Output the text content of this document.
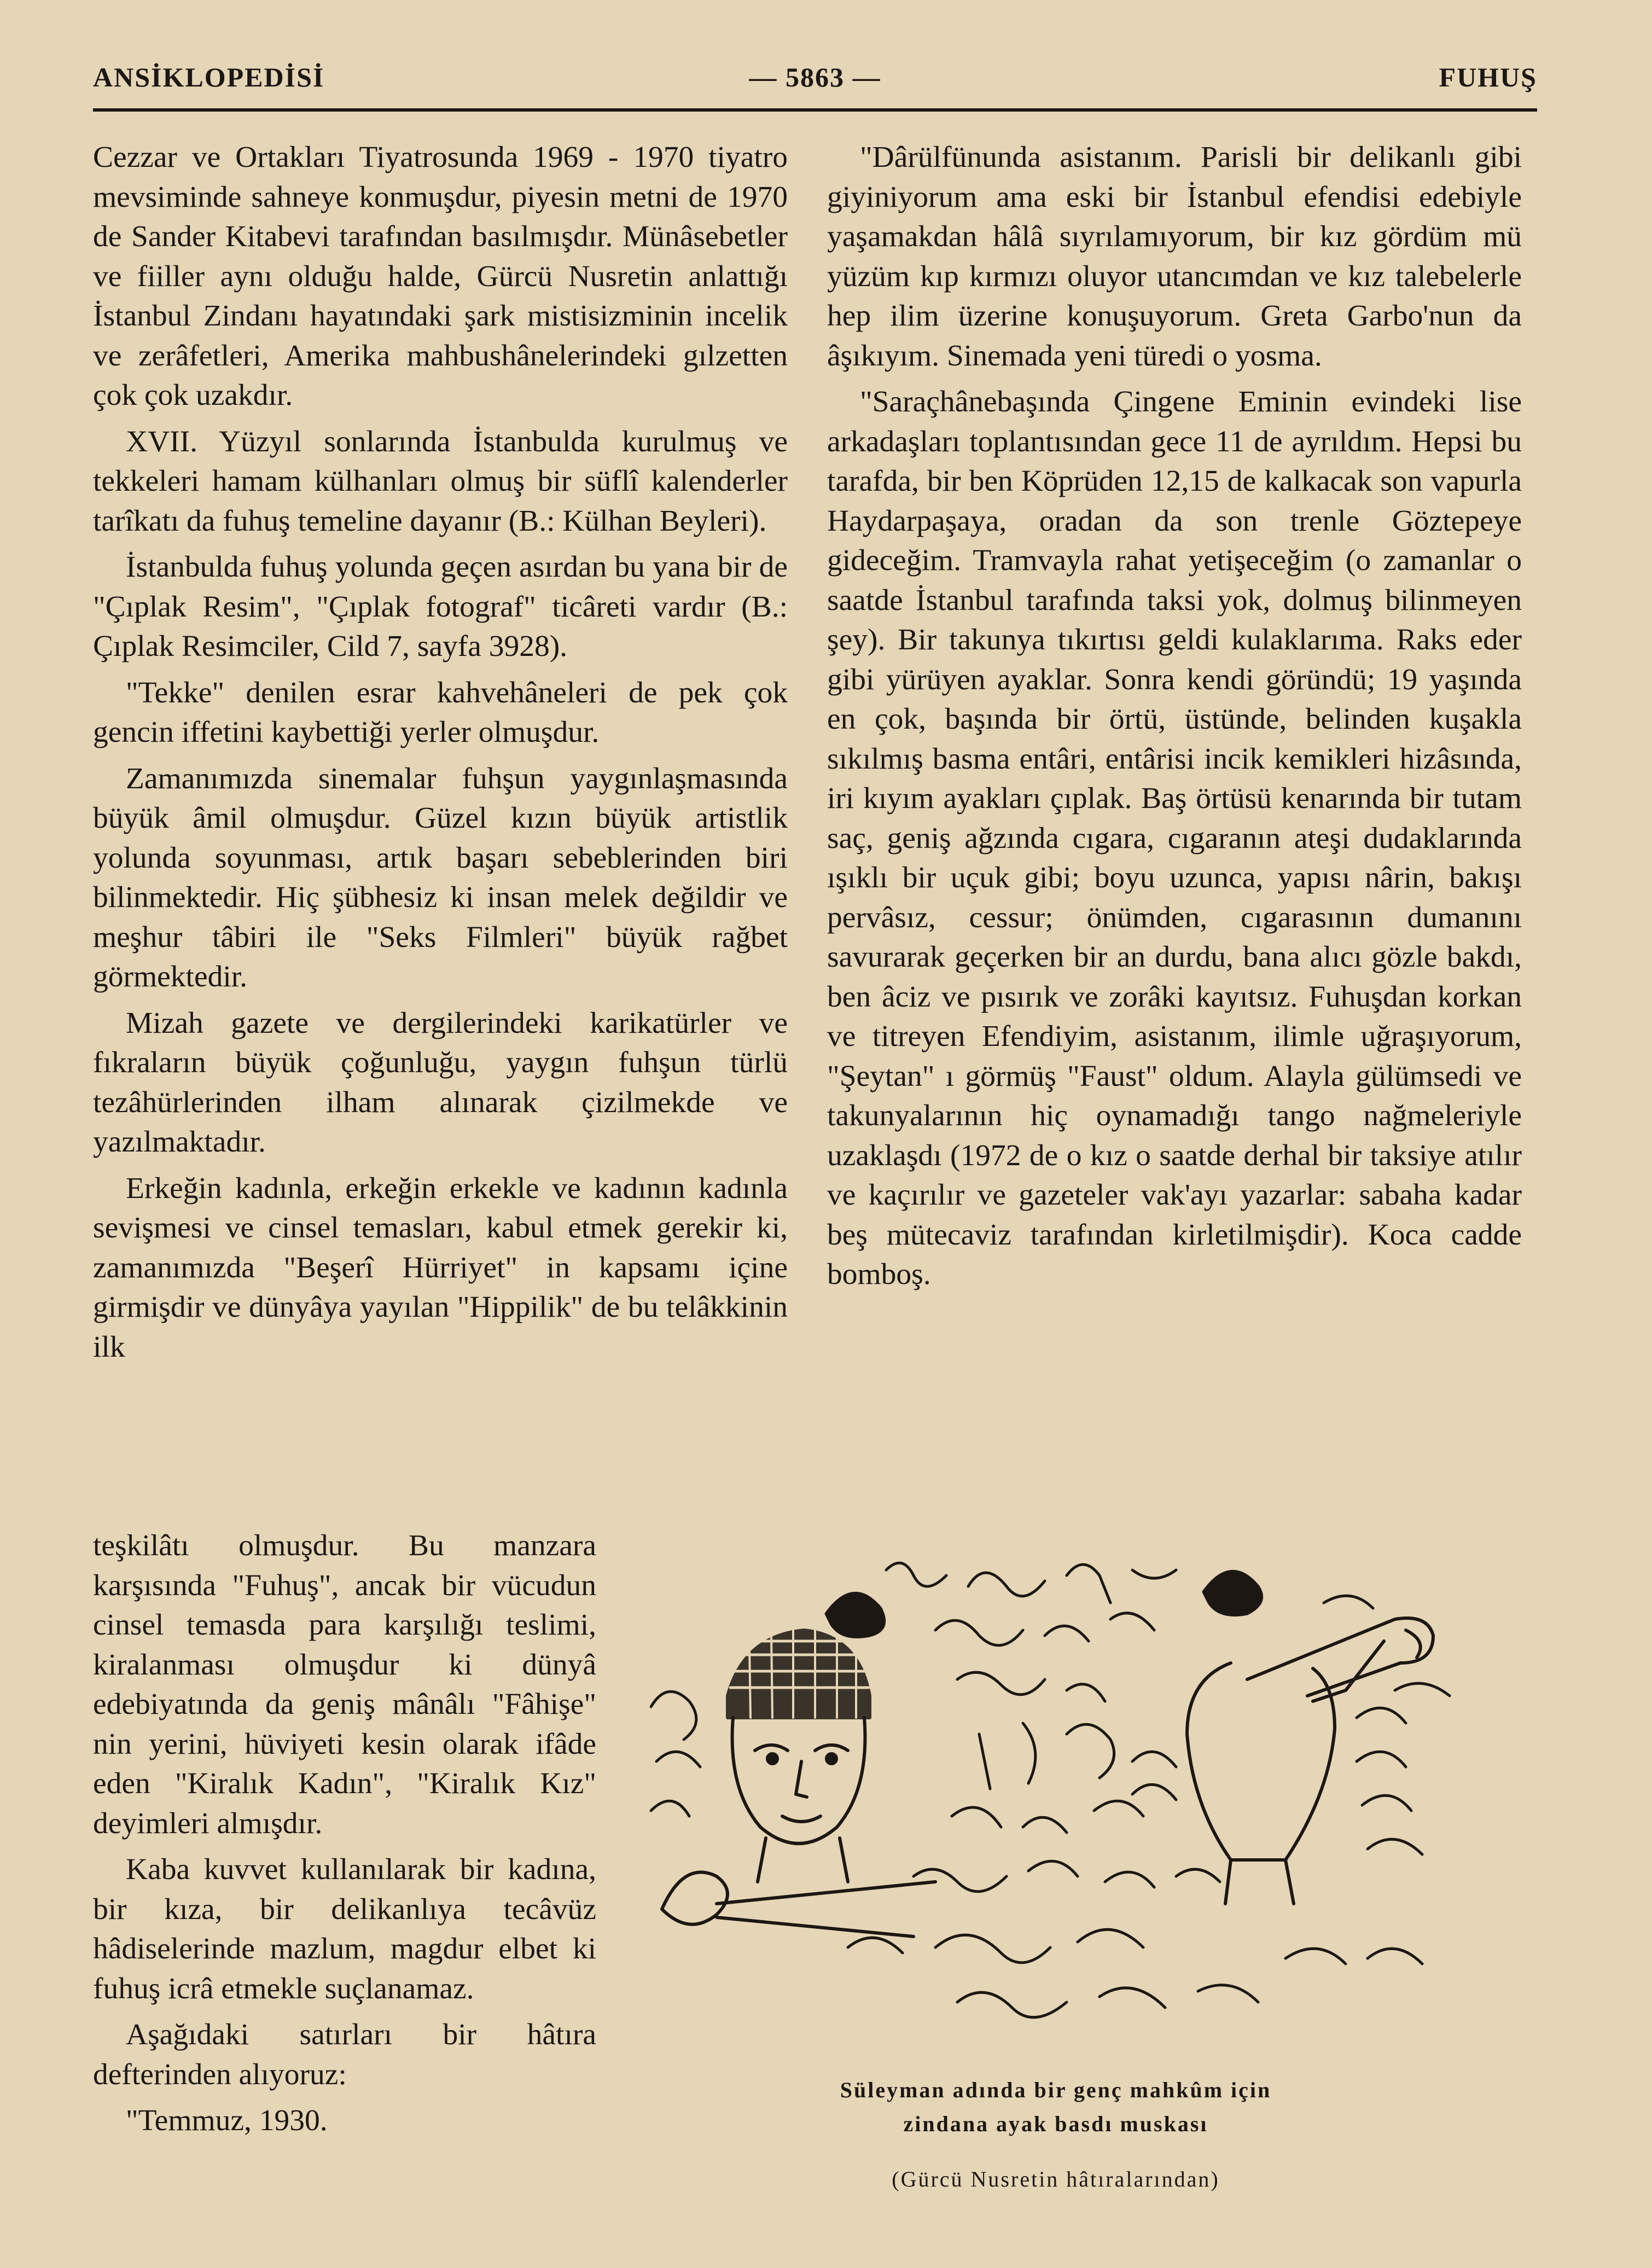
ANSİKLOPEDİSİ	— 5863 —	FUHUŞ

Cezzar ve Ortakları Tiyatrosunda 1969 - 1970 tiyatro mevsiminde sahneye konmuşdur, piyesin metni de 1970 de Sander Kitabevi tarafından basılmışdır. Münâsebetler ve fiiller aynı olduğu halde, Gürcü Nusretin anlattığı İstanbul Zindanı hayatındaki şark mistisizminin incelik ve zerâfetleri, Amerika mahbushânelerindeki gılzetten çok çok uzakdır.

XVII. Yüzyıl sonlarında İstanbulda kurulmuş ve tekkeleri hamam külhanları olmuş bir süflî kalenderler tarîkatı da fuhuş temeline dayanır (B.: Külhan Beyleri).

İstanbulda fuhuş yolunda geçen asırdan bu yana bir de "Çıplak Resim", "Çıplak fotograf" ticâreti vardır (B.: Çıplak Resimciler, Cild 7, sayfa 3928).

"Tekke" denilen esrar kahvehâneleri de pek çok gencin iffetini kaybettiği yerler olmuşdur.

Zamanımızda sinemalar fuhşun yaygınlaşmasında büyük âmil olmuşdur. Güzel kızın büyük artistlik yolunda soyunması, artık başarı sebeblerinden biri bilinmektedir. Hiç şübhesiz ki insan melek değildir ve meşhur tâbiri ile "Seks Filmleri" büyük rağbet görmektedir.

Mizah gazete ve dergilerindeki karikatürler ve fıkraların büyük çoğunluğu, yaygın fuhşun türlü tezâhürlerinden ilham alınarak çizilmekde ve yazılmaktadır.

Erkeğin kadınla, erkeğin erkekle ve kadının kadınla sevişmesi ve cinsel temasları, kabul etmek gerekir ki, zamanımızda "Beşerî Hürriyet" in kapsamı içine girmişdir ve dünyâya yayılan "Hippilik" de bu telâkkinin ilk

teşkilâtı olmuşdur. Bu manzara karşısında "Fuhuş", ancak bir vücudun cinsel temasda para karşılığı teslimi, kiralanması olmuşdur ki dünyâ edebiyatında da geniş mânâlı "Fâhişe" nin yerini, hüviyeti kesin olarak ifâde eden "Kiralık Kadın", "Kiralık Kız" deyimleri almışdır.

Kaba kuvvet kullanılarak bir kadına, bir kıza, bir delikanlıya tecâvüz hâdiselerinde mazlum, magdur elbet ki fuhuş icrâ etmekle suçlanamaz.

Aşağıdaki satırları bir hâtıra defterinden alıyoruz:

"Temmuz, 1930.

"Dârülfünunda asistanım. Parisli bir delikanlı gibi giyiniyorum ama eski bir İstanbul efendisi edebiyle yaşamakdan hâlâ sıyrılamıyorum, bir kız gördüm mü yüzüm kıp kırmızı oluyor utancımdan ve kız talebelerle hep ilim üzerine konuşuyorum. Greta Garbo'nun da âşıkıyım. Sinemada yeni türedi o yosma.

"Saraçhânebaşında Çingene Eminin evindeki lise arkadaşları toplantısından gece 11 de ayrıldım. Hepsi bu tarafda, bir ben Köprüden 12,15 de kalkacak son vapurla Haydarpaşaya, oradan da son trenle Göztepeye gideceğim. Tramvayla rahat yetişeceğim (o zamanlar o saatde İstanbul tarafında taksi yok, dolmuş bilinmeyen şey). Bir takunya tıkırtısı geldi kulaklarıma. Raks eder gibi yürüyen ayaklar. Sonra kendi göründü; 19 yaşında en çok, başında bir örtü, üstünde, belinden kuşakla sıkılmış basma entâri, entârisi incik kemikleri hizâsında, iri kıyım ayakları çıplak. Baş örtüsü kenarında bir tutam saç, geniş ağzında cıgara, cıgaranın ateşi dudaklarında ışıklı bir uçuk gibi; boyu uzunca, yapısı nârin, bakışı pervâsız, cessur; önümden, cıgarasının dumanını savurarak geçerken bir an durdu, bana alıcı gözle bakdı, ben âciz ve pısırık ve zorâki kayıtsız. Fuhuşdan korkan ve titreyen Efendiyim, asistanım, ilimle uğraşıyorum, "Şeytan" ı görmüş "Faust" oldum. Alayla gülümsedi ve takunyalarının hiç oynamadığı tango nağmeleriyle uzaklaşdı (1972 de o kız o saatde derhal bir taksiye atılır ve kaçırılır ve gazeteler vak'ayı yazarlar: sabaha kadar beş mütecaviz tarafından kirletilmişdir). Koca cadde bomboş.

Süleyman adında bir genç mahkûm için
zindana ayak basdı muskası
(Gürcü Nusretin hâtıralarından)
